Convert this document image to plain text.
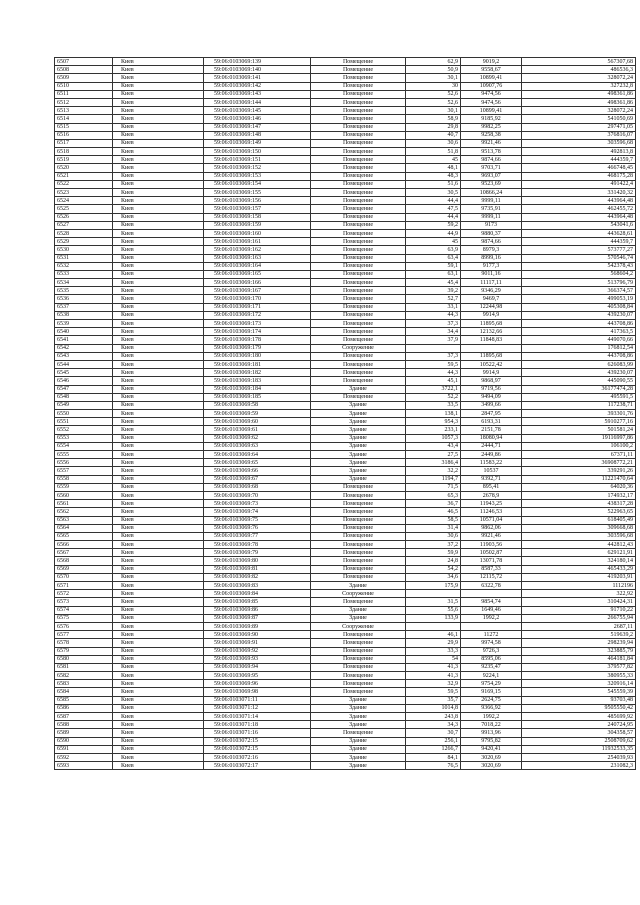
6507	Киев	59:06:0103069:139	Помещение	62,9	9019,2	567307,68
6508	Киев	59:06:0103069:140	Помещение	50,9	9558,67	486536,3
6509	Киев	59:06:0103069:141	Помещение	30,1	10899,41	328072,24
6510	Киев	59:06:0103069:142	Помещение	30	10907,76	327232,8
6511	Киев	59:06:0103069:143	Помещение	52,6	9474,56	498361,86
6512	Киев	59:06:0103069:144	Помещение	52,6	9474,56	498361,86
6513	Киев	59:06:0103069:145	Помещение	30,1	10899,41	328072,24
6514	Киев	59:06:0103069:146	Помещение	58,9	9185,92	541050,69
6515	Киев	59:06:0103069:147	Помещение	29,8	9982,25	297471,05
6516	Киев	59:06:0103069:148	Помещение	40,7	9258,38	376816,07
6517	Киев	59:06:0103069:149	Помещение	30,6	9921,46	303596,68
6518	Киев	59:06:0103069:150	Помещение	51,8	9513,78	492813,8
6519	Киев	59:06:0103069:151	Помещение	45	9874,66	444359,7
6520	Киев	59:06:0103069:152	Помещение	48,1	9703,71	466748,45
6521	Киев	59:06:0103069:153	Помещение	48,3	9693,07	468175,28
6522	Киев	59:06:0103069:154	Помещение	51,6	9523,69	491422,4
6523	Киев	59:06:0103069:155	Помещение	30,5	10866,24	331420,32
6524	Киев	59:06:0103069:156	Помещение	44,4	9999,11	443964,48
6525	Киев	59:06:0103069:157	Помещение	47,5	9735,91	462455,72
6526	Киев	59:06:0103069:158	Помещение	44,4	9999,11	443964,48
6527	Киев	59:06:0103069:159	Помещение	59,2	9173	543041,6
6528	Киев	59:06:0103069:160	Помещение	44,9	9880,37	443628,61
6529	Киев	59:06:0103069:161	Помещение	45	9874,66	444359,7
6530	Киев	59:06:0103069:162	Помещение	63,9	8979,3	573777,27
6531	Киев	59:06:0103069:163	Помещение	63,4	8999,16	570546,74
6532	Киев	59:06:0103069:164	Помещение	59,1	9177,3	542378,43
6533	Киев	59:06:0103069:165	Помещение	63,1	9011,16	568604,2
6534	Киев	59:06:0103069:166	Помещение	45,4	11117,11	513796,79
6535	Киев	59:06:0103069:167	Помещение	39,2	9346,29	366374,57
6536	Киев	59:06:0103069:170	Помещение	52,7	9469,7	499053,19
6537	Киев	59:06:0103069:171	Помещение	33,1	12244,98	405308,84
6538	Киев	59:06:0103069:172	Помещение	44,3	9914,9	439230,07
6539	Киев	59:06:0103069:173	Помещение	37,3	11895,68	443708,86
6540	Киев	59:06:0103069:174	Помещение	34,4	12132,66	417363,5
6541	Киев	59:06:0103069:178	Помещение	37,9	11848,83	449070,66
6542	Киев	59:06:0103069:179	Сооружение			176812,54
6543	Киев	59:06:0103069:180	Помещение	37,3	11895,68	443708,86
6544	Киев	59:06:0103069:181	Помещение	59,5	10522,42	626083,99
6545	Киев	59:06:0103069:182	Помещение	44,3	9914,9	439230,07
6546	Киев	59:06:0103069:183	Помещение	45,1	9868,97	445090,55
6547	Киев	59:06:0103069:184	Здание	3722,1	9719,56	36177474,28
6548	Киев	59:06:0103069:185	Помещение	52,2	9494,09	495591,5
6549	Киев	59:06:0103069:58	Здание	33,5	3499,66	117238,71
6550	Киев	59:06:0103069:59	Здание	138,1	2847,95	393301,76
6551	Киев	59:06:0103069:60	Здание	954,3	6193,31	5910277,16
6552	Киев	59:06:0103069:61	Здание	233,1	2151,78	501581,24
6553	Киев	59:06:0103069:62	Здание	1057,3	18080,94	19116997,86
6554	Киев	59:06:0103069:63	Здание	43,4	2444,71	106100,2
6555	Киев	59:06:0103069:64	Здание	27,5	2449,86	67371,11
6556	Киев	59:06:0103069:65	Здание	3186,4	11583,22	36908772,21
6557	Киев	59:06:0103069:66	Здание	32,2	10537	339291,26
6558	Киев	59:06:0103069:67	Здание	1194,7	9392,71	11221470,64
6559	Киев	59:06:0103069:68	Помещение	71,5	895,41	64020,36
6560	Киев	59:06:0103069:70	Помещение	65,3	2678,9	174932,17
6561	Киев	59:06:0103069:73	Помещение	36,7	11943,25	438317,28
6562	Киев	59:06:0103069:74	Помещение	46,5	11246,53	522963,65
6563	Киев	59:06:0103069:75	Помещение	58,5	10571,04	618405,49
6564	Киев	59:06:0103069:76	Помещение	31,4	9862,06	309668,68
6565	Киев	59:06:0103069:77	Помещение	30,6	9921,46	303596,68
6566	Киев	59:06:0103069:78	Помещение	37,2	11903,56	442812,43
6567	Киев	59:06:0103069:79	Помещение	59,9	10502,87	629121,91
6568	Киев	59:06:0103069:80	Помещение	24,8	13071,78	324180,14
6569	Киев	59:06:0103069:81	Помещение	54,2	8587,33	465433,29
6570	Киев	59:06:0103069:82	Помещение	34,6	12115,72	419203,91
6571	Киев	59:06:0103069:83	Здание	175,9	6322,78	1112196
6572	Киев	59:06:0103069:84	Сооружение			322,92
6573	Киев	59:06:0103069:85	Помещение	31,5	9854,74	310424,31
6574	Киев	59:06:0103069:86	Здание	55,6	1649,46	91710,22
6575	Киев	59:06:0103069:87	Здание	133,9	1992,2	266755,94
6576	Киев	59:06:0103069:89	Сооружение			2687,11
6577	Киев	59:06:0103069:90	Помещение	46,1	11272	519639,2
6578	Киев	59:06:0103069:91	Помещение	29,9	9974,58	298239,94
6579	Киев	59:06:0103069:92	Помещение	33,3	9726,3	323885,79
6580	Киев	59:06:0103069:93	Помещение	54	8595,06	464181,84
6581	Киев	59:06:0103069:94	Помещение	41,3	9235,47	379577,82
6582	Киев	59:06:0103069:95	Помещение	41,3	9224,1	380955,33
6583	Киев	59:06:0103069:96	Помещение	32,9	9754,29	320916,14
6584	Киев	59:06:0103069:98	Помещение	59,5	9169,15	545559,39
6585	Киев	59:06:0103071:11	Здание	35,7	2624,75	93703,48
6586	Киев	59:06:0103071:12	Здание	1014,8	9366,92	9505550,42
6587	Киев	59:06:0103071:14	Здание	243,8	1992,2	485699,92
6588	Киев	59:06:0103071:18	Здание	34,3	7018,22	240724,95
6589	Киев	59:06:0103071:16	Помещение	30,7	9913,96	304358,57
6590	Киев	59:06:0103072:15	Здание	256,1	9795,82	2508709,62
6591	Киев	59:06:0103072:15	Здание	1266,7	9420,41	11932533,35
6592	Киев	59:06:0103072:16	Здание	84,1	3020,69	254039,93
6593	Киев	59:06:0103072:17	Здание	76,5	3020,69	231082,3
